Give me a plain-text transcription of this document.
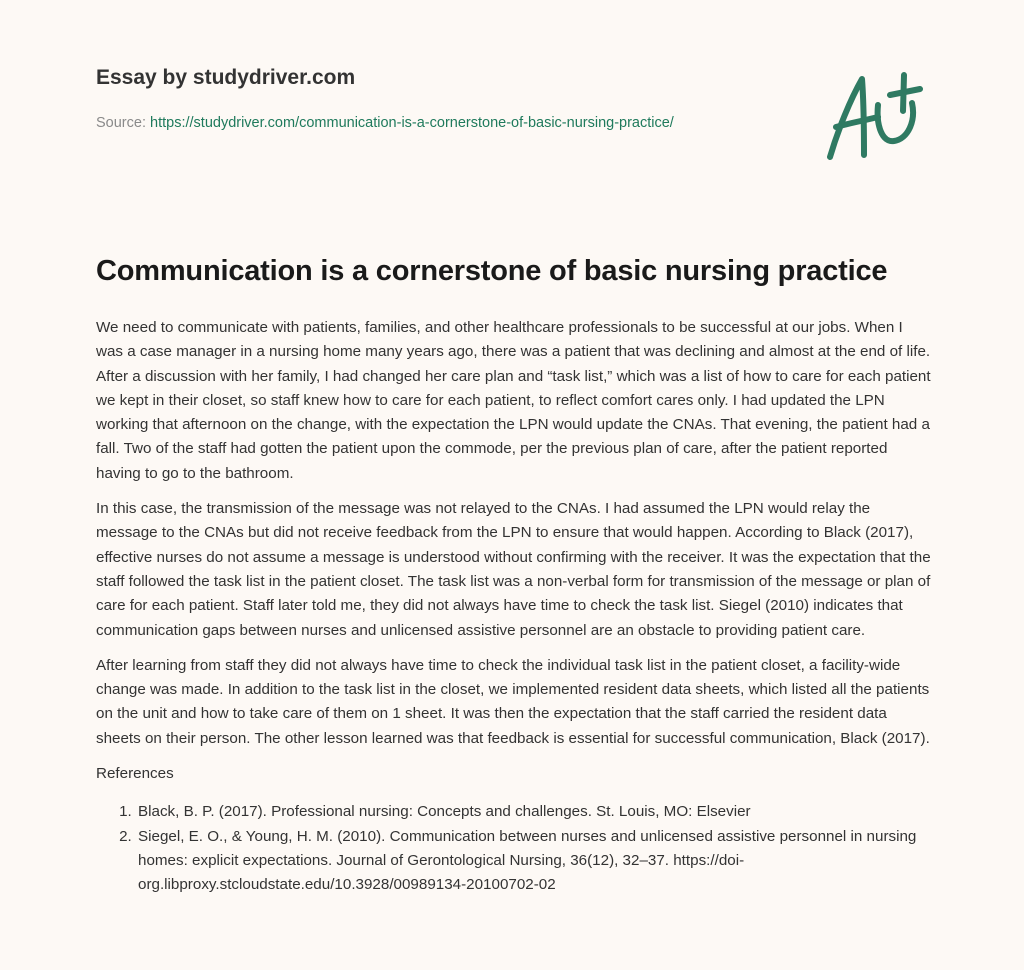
Essay by studydriver.com
Source: https://studydriver.com/communication-is-a-cornerstone-of-basic-nursing-practice/
Communication is a cornerstone of basic nursing practice

We need to communicate with patients, families, and other healthcare professionals to be successful at our jobs. When I was a case manager in a nursing home many years ago, there was a patient that was declining and almost at the end of life. After a discussion with her family, I had changed her care plan and “task list,” which was a list of how to care for each patient we kept in their closet, so staff knew how to care for each patient, to reflect comfort cares only. I had updated the LPN working that afternoon on the change, with the expectation the LPN would update the CNAs. That evening, the patient had a fall. Two of the staff had gotten the patient upon the commode, per the previous plan of care, after the patient reported having to go to the bathroom.

In this case, the transmission of the message was not relayed to the CNAs. I had assumed the LPN would relay the message to the CNAs but did not receive feedback from the LPN to ensure that would happen. According to Black (2017), effective nurses do not assume a message is understood without confirming with the receiver. It was the expectation that the staff followed the task list in the patient closet. The task list was a non-verbal form for transmission of the message or plan of care for each patient. Staff later told me, they did not always have time to check the task list. Siegel (2010) indicates that communication gaps between nurses and unlicensed assistive personnel are an obstacle to providing patient care.

After learning from staff they did not always have time to check the individual task list in the patient closet, a facility-wide change was made. In addition to the task list in the closet, we implemented resident data sheets, which listed all the patients on the unit and how to take care of them on 1 sheet. It was then the expectation that the staff carried the resident data sheets on their person. The other lesson learned was that feedback is essential for successful communication, Black (2017).

References

1. Black, B. P. (2017). Professional nursing: Concepts and challenges. St. Louis, MO: Elsevier
2. Siegel, E. O., & Young, H. M. (2010). Communication between nurses and unlicensed assistive personnel in nursing homes: explicit expectations. Journal of Gerontological Nursing, 36(12), 32–37. https://doi-org.libproxy.stcloudstate.edu/10.3928/00989134-20100702-02
